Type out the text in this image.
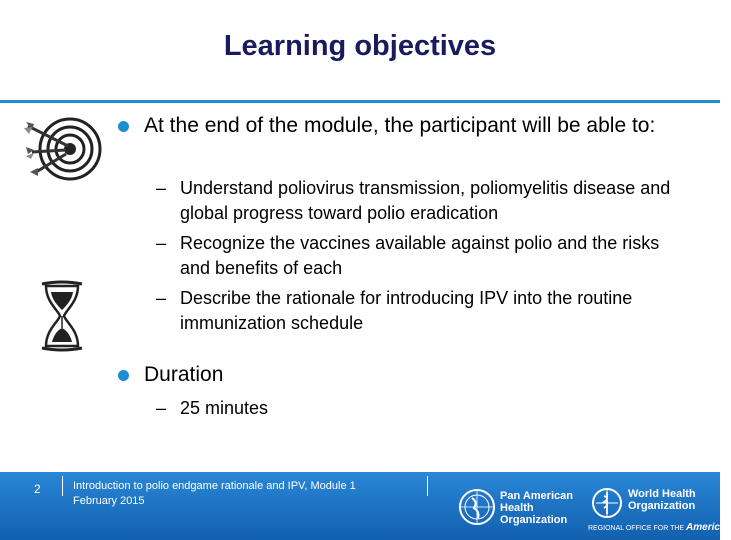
Learning objectives
At the end of the module, the participant will be able to:
– Understand poliovirus transmission, poliomyelitis disease and global progress toward polio eradication
– Recognize the vaccines available against polio and the risks and benefits of each
– Describe the rationale for introducing IPV into the routine immunization schedule
Duration
– 25 minutes
2	Introduction to polio endgame rationale and IPV, Module 1
February 2015	Pan American
Health
Organization
World Health
Organization
REGIONAL OFFICE FOR THE Americas
